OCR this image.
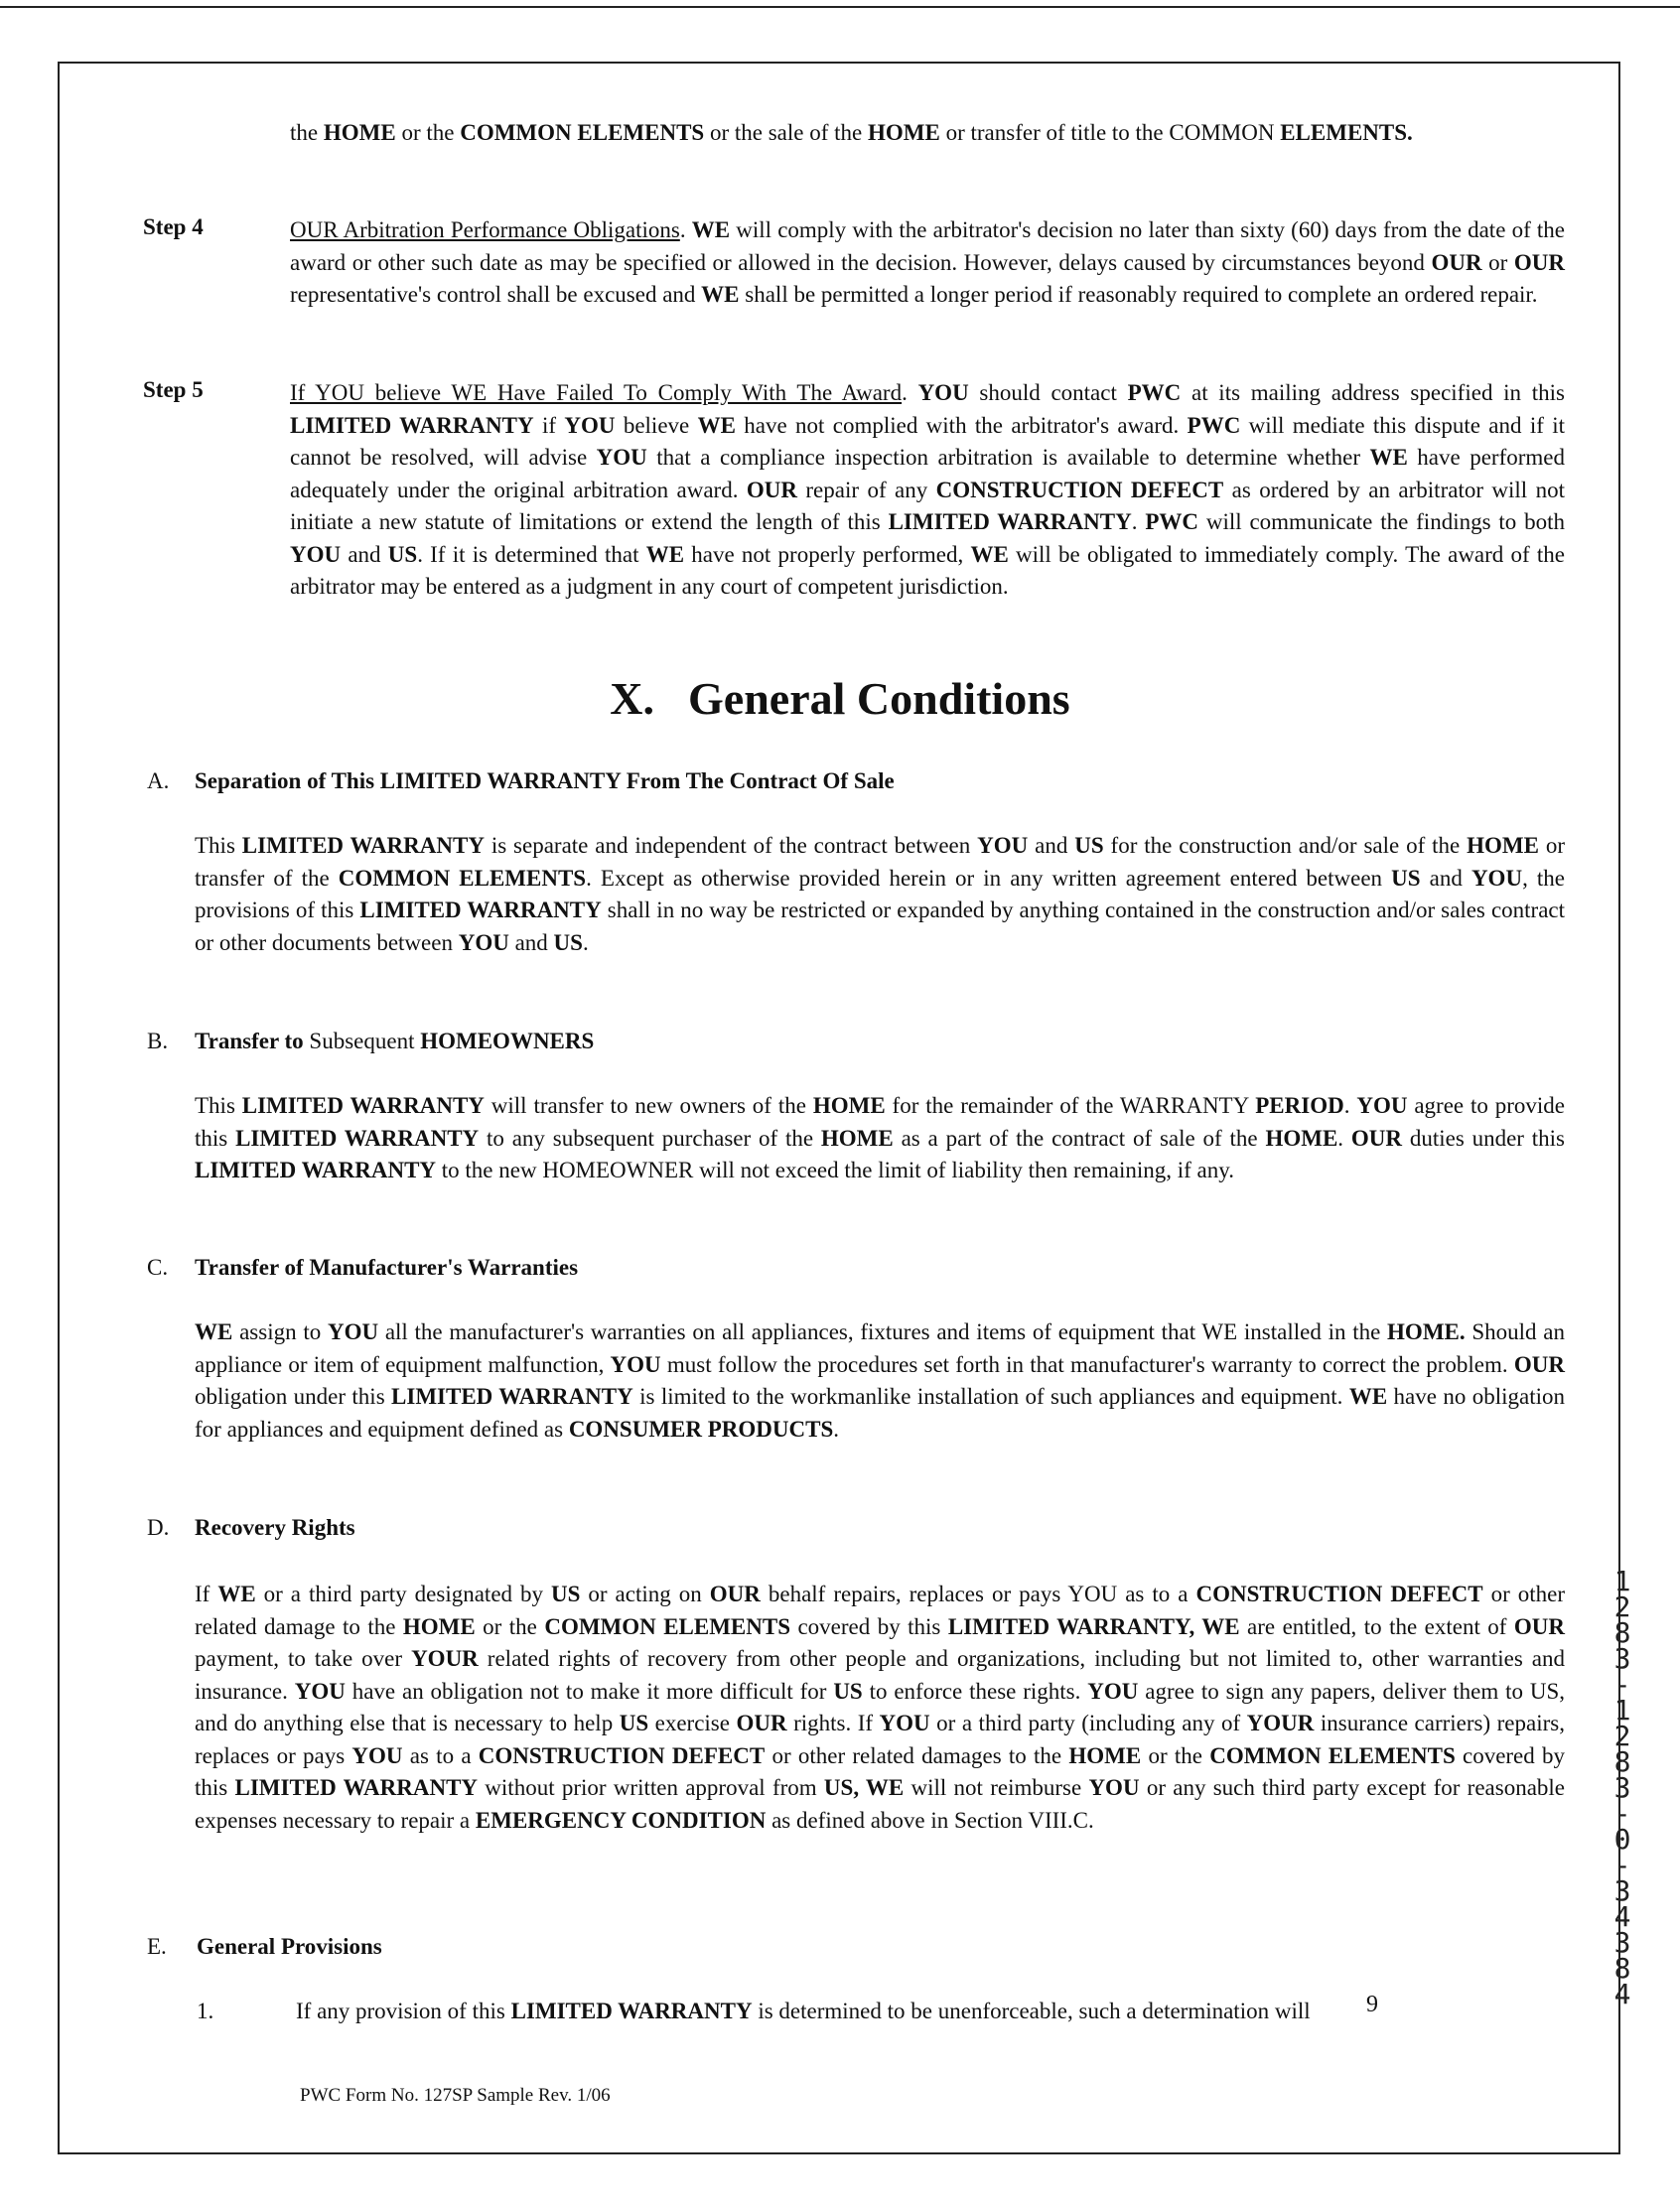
the HOME or the COMMON ELEMENTS or the sale of the HOME or transfer of title to the COMMON ELEMENTS.

Step 4	OUR Arbitration Performance Obligations. WE will comply with the arbitrator's decision no later than sixty (60) days from the date of the award or other such date as may be specified or allowed in the decision. However, delays caused by circumstances beyond OUR or OUR representative's control shall be excused and WE shall be permitted a longer period if reasonably required to complete an ordered repair.

Step 5	If YOU believe WE Have Failed To Comply With The Award. YOU should contact PWC at its mailing address specified in this LIMITED WARRANTY if YOU believe WE have not complied with the arbitrator's award. PWC will mediate this dispute and if it cannot be resolved, will advise YOU that a compliance inspection arbitration is available to determine whether WE have performed adequately under the original arbitration award. OUR repair of any CONSTRUCTION DEFECT as ordered by an arbitrator will not initiate a new statute of limitations or extend the length of this LIMITED WARRANTY. PWC will communicate the findings to both YOU and US. If it is determined that WE have not properly performed, WE will be obligated to immediately comply. The award of the arbitrator may be entered as a judgment in any court of competent jurisdiction.

X. General Conditions

A. Separation of This LIMITED WARRANTY From The Contract Of Sale

This LIMITED WARRANTY is separate and independent of the contract between YOU and US for the construction and/or sale of the HOME or transfer of the COMMON ELEMENTS. Except as otherwise provided herein or in any written agreement entered between US and YOU, the provisions of this LIMITED WARRANTY shall in no way be restricted or expanded by anything contained in the construction and/or sales contract or other documents between YOU and US.

B. Transfer to Subsequent HOMEOWNERS

This LIMITED WARRANTY will transfer to new owners of the HOME for the remainder of the WARRANTY PERIOD. YOU agree to provide this LIMITED WARRANTY to any subsequent purchaser of the HOME as a part of the contract of sale of the HOME. OUR duties under this LIMITED WARRANTY to the new HOMEOWNER will not exceed the limit of liability then remaining, if any.

C. Transfer of Manufacturer's Warranties

WE assign to YOU all the manufacturer's warranties on all appliances, fixtures and items of equipment that WE installed in the HOME. Should an appliance or item of equipment malfunction, YOU must follow the procedures set forth in that manufacturer's warranty to correct the problem. OUR obligation under this LIMITED WARRANTY is limited to the workmanlike installation of such appliances and equipment. WE have no obligation for appliances and equipment defined as CONSUMER PRODUCTS.

D. Recovery Rights

If WE or a third party designated by US or acting on OUR behalf repairs, replaces or pays YOU as to a CONSTRUCTION DEFECT or other related damage to the HOME or the COMMON ELEMENTS covered by this LIMITED WARRANTY, WE are entitled, to the extent of OUR payment, to take over YOUR related rights of recovery from other people and organizations, including but not limited to, other warranties and insurance. YOU have an obligation not to make it more difficult for US to enforce these rights. YOU agree to sign any papers, deliver them to US, and do anything else that is necessary to help US exercise OUR rights. If YOU or a third party (including any of YOUR insurance carriers) repairs, replaces or pays YOU as to a CONSTRUCTION DEFECT or other related damages to the HOME or the COMMON ELEMENTS covered by this LIMITED WARRANTY without prior written approval from US, WE will not reimburse YOU or any such third party except for reasonable expenses necessary to repair a EMERGENCY CONDITION as defined above in Section VIII.C.

E. General Provisions

1.	If any provision of this LIMITED WARRANTY is determined to be unenforceable, such a determination will

1283-1283-0-34384

9

PWC Form No. 127SP Sample Rev. 1/06
